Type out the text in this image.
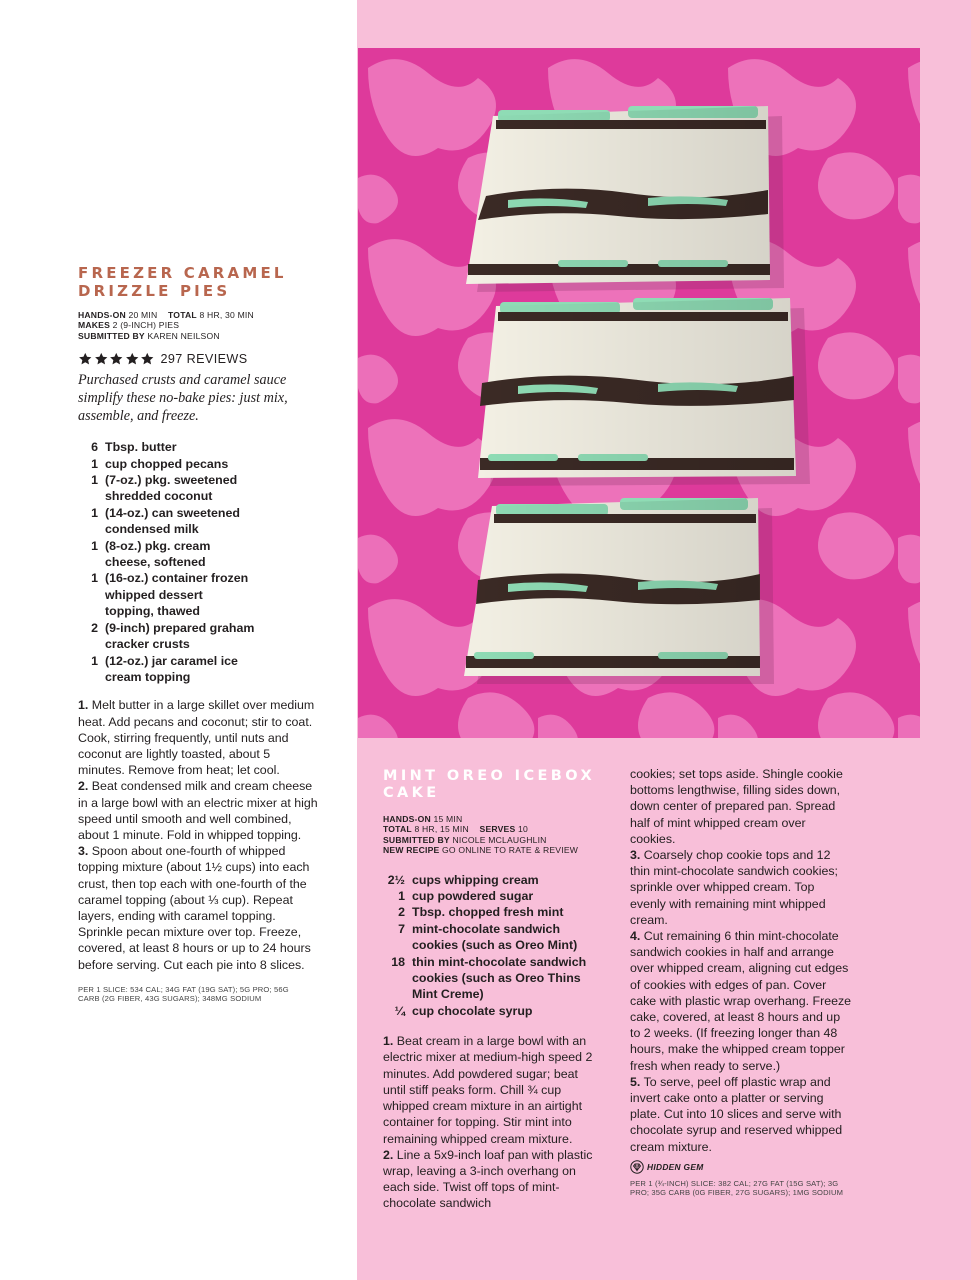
FREEZER CARAMEL DRIZZLE PIES
HANDS-ON 20 MIN TOTAL 8 HR, 30 MIN
MAKES 2 (9-INCH) PIES
SUBMITTED BY KAREN NEILSON
297 REVIEWS

Purchased crusts and caramel sauce simplify these no-bake pies: just mix, assemble, and freeze.

6 Tbsp. butter
1 cup chopped pecans
1 (7-oz.) pkg. sweetened shredded coconut
1 (14-oz.) can sweetened condensed milk
1 (8-oz.) pkg. cream cheese, softened
1 (16-oz.) container frozen whipped dessert topping, thawed
2 (9-inch) prepared graham cracker crusts
1 (12-oz.) jar caramel ice cream topping

1. Melt butter in a large skillet over medium heat. Add pecans and coconut; stir to coat. Cook, stirring frequently, until nuts and coconut are lightly toasted, about 5 minutes. Remove from heat; let cool.

2. Beat condensed milk and cream cheese in a large bowl with an electric mixer at high speed until smooth and well combined, about 1 minute. Fold in whipped topping.

3. Spoon about one-fourth of whipped topping mixture (about 1½ cups) into each crust, then top each with one-fourth of the caramel topping (about ⅓ cup). Repeat layers, ending with caramel topping. Sprinkle pecan mixture over top. Freeze, covered, at least 8 hours or up to 24 hours before serving. Cut each pie into 8 slices.

PER 1 SLICE: 534 CAL; 34G FAT (19G SAT); 5G PRO; 56G CARB (2G FIBER, 43G SUGARS); 348MG SODIUM

MINT OREO ICEBOX CAKE
HANDS-ON 15 MIN
TOTAL 8 HR, 15 MIN SERVES 10
SUBMITTED BY NICOLE MCLAUGHLIN
NEW RECIPE GO ONLINE TO RATE & REVIEW
2½ cups whipping cream
1 cup powdered sugar
2 Tbsp. chopped fresh mint
7 mint-chocolate sandwich cookies (such as Oreo Mint)
18 thin mint-chocolate sandwich cookies (such as Oreo Thins Mint Creme)
¼ cup chocolate syrup

1. Beat cream in a large bowl with an electric mixer at medium-high speed 2 minutes. Add powdered sugar; beat until stiff peaks form. Chill ¾ cup whipped cream mixture in an airtight container for topping. Stir mint into remaining whipped cream mixture.

2. Line a 5x9-inch loaf pan with plastic wrap, leaving a 3-inch overhang on each side. Twist off tops of mint-chocolate sandwich

cookies; set tops aside. Shingle cookie bottoms lengthwise, filling sides down, down center of prepared pan. Spread half of mint whipped cream over cookies.

3. Coarsely chop cookie tops and 12 thin mint-chocolate sandwich cookies; sprinkle over whipped cream. Top evenly with remaining mint whipped cream.

4. Cut remaining 6 thin mint-chocolate sandwich cookies in half and arrange over whipped cream, aligning cut edges of cookies with edges of pan. Cover cake with plastic wrap overhang. Freeze cake, covered, at least 8 hours and up to 2 weeks. (If freezing longer than 48 hours, make the whipped cream topper fresh when ready to serve.)

5. To serve, peel off plastic wrap and invert cake onto a platter or serving plate. Cut into 10 slices and serve with chocolate syrup and reserved whipped cream mixture.

HIDDEN GEM

PER 1 (¾-INCH) SLICE: 382 CAL; 27G FAT (15G SAT); 3G PRO; 35G CARB (0G FIBER, 27G SUGARS); 1MG SODIUM
